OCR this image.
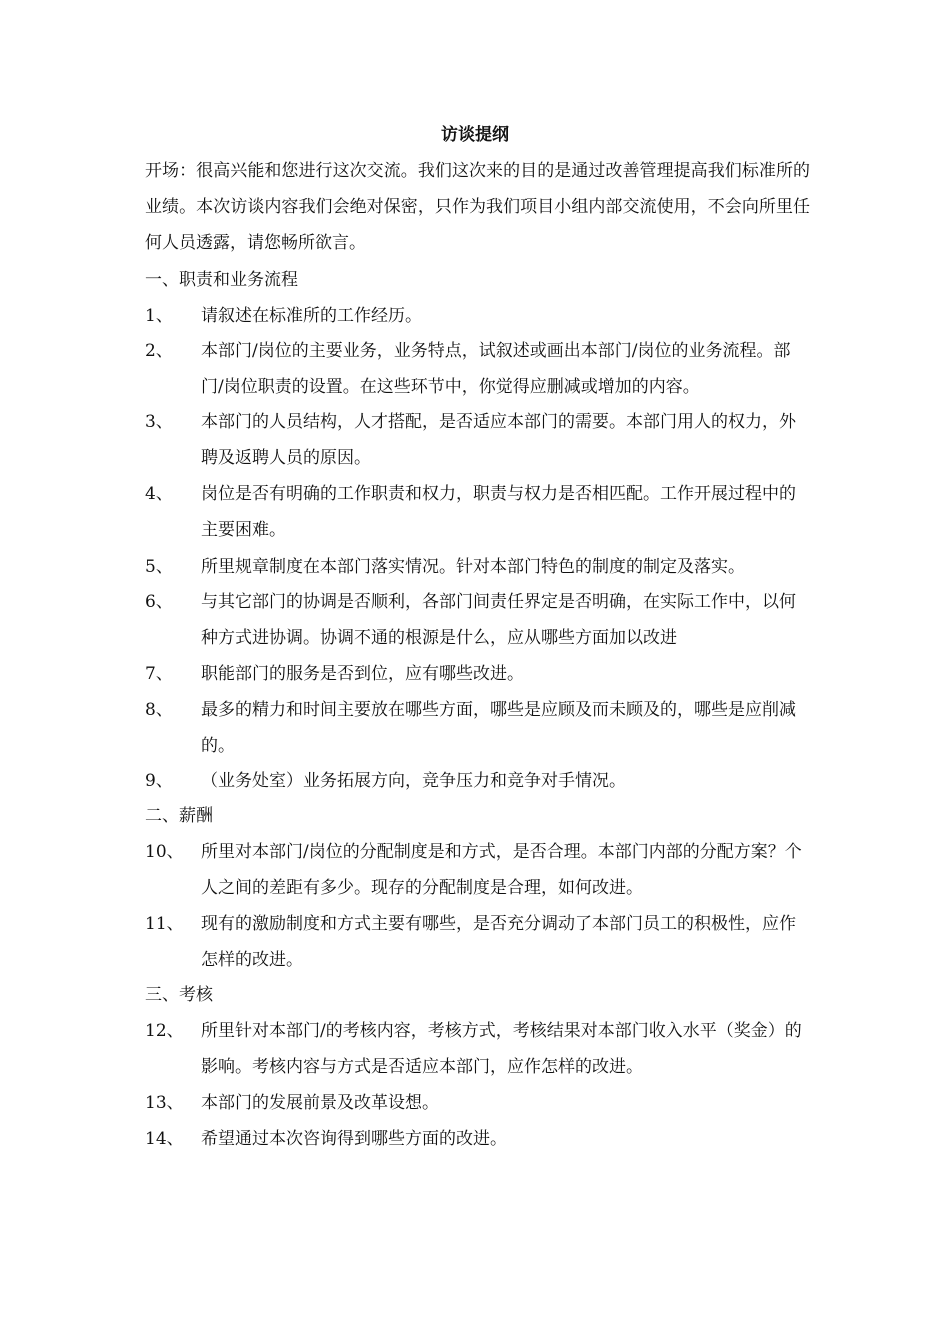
访谈提纲
开场：很高兴能和您进行这次交流。我们这次来的目的是通过改善管理提高我们标准所的业绩。本次访谈内容我们会绝对保密，只作为我们项目小组内部交流使用，不会向所里任何人员透露，请您畅所欲言。
一、职责和业务流程
1、	请叙述在标准所的工作经历。
2、	本部门/岗位的主要业务，业务特点，试叙述或画出本部门/岗位的业务流程。部门/岗位职责的设置。在这些环节中，你觉得应删减或增加的内容。
3、	本部门的人员结构，人才搭配，是否适应本部门的需要。本部门用人的权力，外聘及返聘人员的原因。
4、	岗位是否有明确的工作职责和权力，职责与权力是否相匹配。工作开展过程中的主要困难。
5、	所里规章制度在本部门落实情况。针对本部门特色的制度的制定及落实。
6、	与其它部门的协调是否顺利，各部门间责任界定是否明确，在实际工作中，以何种方式进协调。协调不通的根源是什么，应从哪些方面加以改进
7、	职能部门的服务是否到位，应有哪些改进。
8、	最多的精力和时间主要放在哪些方面，哪些是应顾及而未顾及的，哪些是应削减的。
9、	（业务处室）业务拓展方向，竞争压力和竞争对手情况。
二、薪酬
10、	所里对本部门/岗位的分配制度是和方式，是否合理。本部门内部的分配方案？个人之间的差距有多少。现存的分配制度是合理，如何改进。
11、	现有的激励制度和方式主要有哪些，是否充分调动了本部门员工的积极性，应作怎样的改进。
三、考核
12、	所里针对本部门/的考核内容，考核方式，考核结果对本部门收入水平（奖金）的影响。考核内容与方式是否适应本部门，应作怎样的改进。
13、	本部门的发展前景及改革设想。
14、	希望通过本次咨询得到哪些方面的改进。
